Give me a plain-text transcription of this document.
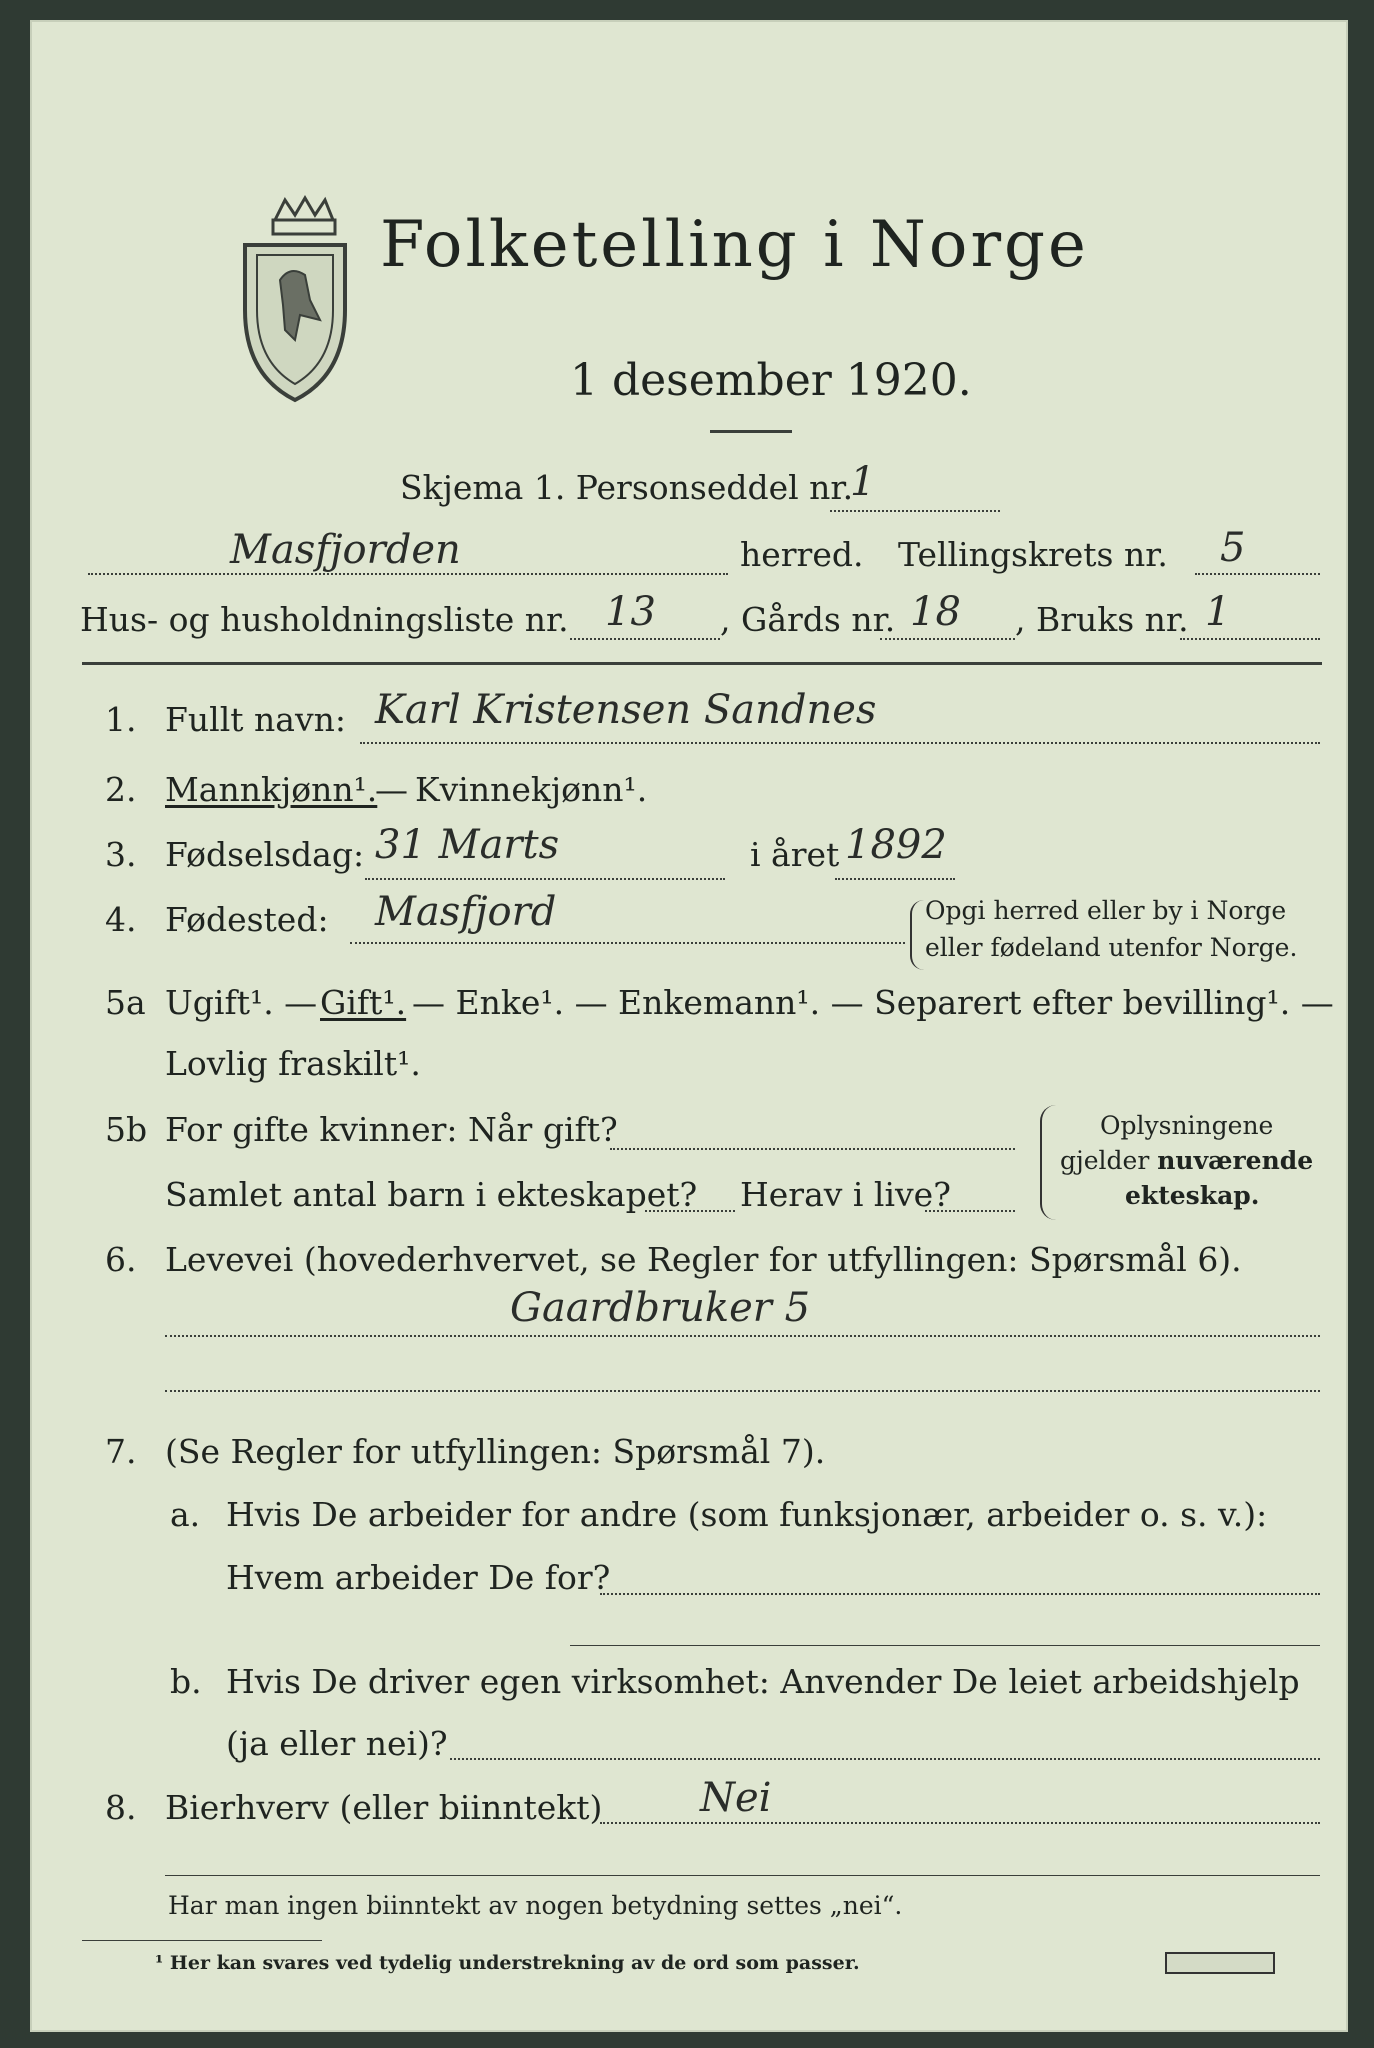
Folketelling i Norge
1 desember 1920.
Skjema 1. Personseddel nr.
1
Masfjorden	herred. Tellingskrets nr. 5
Hus- og husholdningsliste nr. 13 , Gårds nr. 18 , Bruks nr. 1
1. Fullt navn: Karl Kristensen Sandnes
2. Mannkjønn¹.
— Kvinnekjønn¹.
3. Fødselsdag: 31 Marts	i året 1892
4. Fødested: Masfjord	Opgi herred eller by i Norge
eller fødeland utenfor Norge.
5a Ugift¹. — Gift¹. — Enke¹. — Enkemann¹. — Separert efter bevilling¹. —
Lovlig fraskilt¹.
5b For gifte kvinner: Når gift?
Samlet antal barn i ekteskapet? Herav i live?
Oplysningene
gjelder nuværende
ekteskap.
6. Levevei (hovederhvervet, se Regler for utfyllingen: Spørsmål 6).
Gaardbruker 5
7. (Se Regler for utfyllingen: Spørsmål 7).
a. Hvis De arbeider for andre (som funksjonær, arbeider o. s. v.):
Hvem arbeider De for?
b. Hvis De driver egen virksomhet: Anvender De leiet arbeidshjelp
(ja eller nei)?
8. Bierhverv (eller biinntekt) Nei
Har man ingen biinntekt av nogen betydning settes „nei“.
¹ Her kan svares ved tydelig understrekning av de ord som passer.
